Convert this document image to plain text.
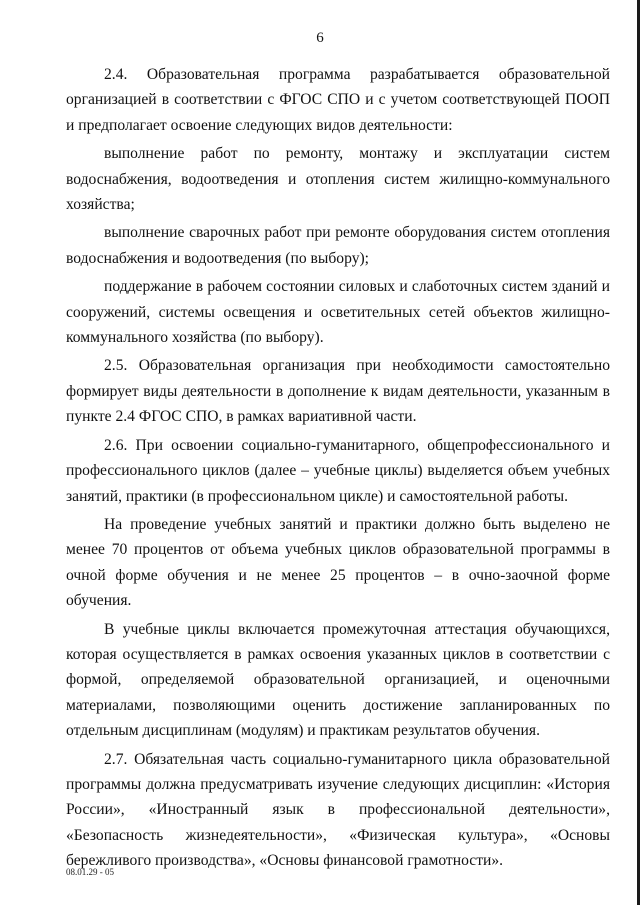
6

2.4. Образовательная программа разрабатывается образовательной организацией в соответствии с ФГОС СПО и с учетом соответствующей ПООП и предполагает освоение следующих видов деятельности:

выполнение работ по ремонту, монтажу и эксплуатации систем водоснабжения, водоотведения и отопления систем жилищно-коммунального хозяйства;

выполнение сварочных работ при ремонте оборудования систем отопления водоснабжения и водоотведения (по выбору);

поддержание в рабочем состоянии силовых и слаботочных систем зданий и сооружений, системы освещения и осветительных сетей объектов жилищно-коммунального хозяйства (по выбору).

2.5. Образовательная организация при необходимости самостоятельно формирует виды деятельности в дополнение к видам деятельности, указанным в пункте 2.4 ФГОС СПО, в рамках вариативной части.

2.6. При освоении социально-гуманитарного, общепрофессионального и профессионального циклов (далее – учебные циклы) выделяется объем учебных занятий, практики (в профессиональном цикле) и самостоятельной работы.

На проведение учебных занятий и практики должно быть выделено не менее 70 процентов от объема учебных циклов образовательной программы в очной форме обучения и не менее 25 процентов – в очно-заочной форме обучения.

В учебные циклы включается промежуточная аттестация обучающихся, которая осуществляется в рамках освоения указанных циклов в соответствии с формой, определяемой образовательной организацией, и оценочными материалами, позволяющими оценить достижение запланированных по отдельным дисциплинам (модулям) и практикам результатов обучения.

2.7. Обязательная часть социально-гуманитарного цикла образовательной программы должна предусматривать изучение следующих дисциплин: «История России», «Иностранный язык в профессиональной деятельности», «Безопасность жизнедеятельности», «Физическая культура», «Основы бережливого производства», «Основы финансовой грамотности».

08.01.29 - 05
